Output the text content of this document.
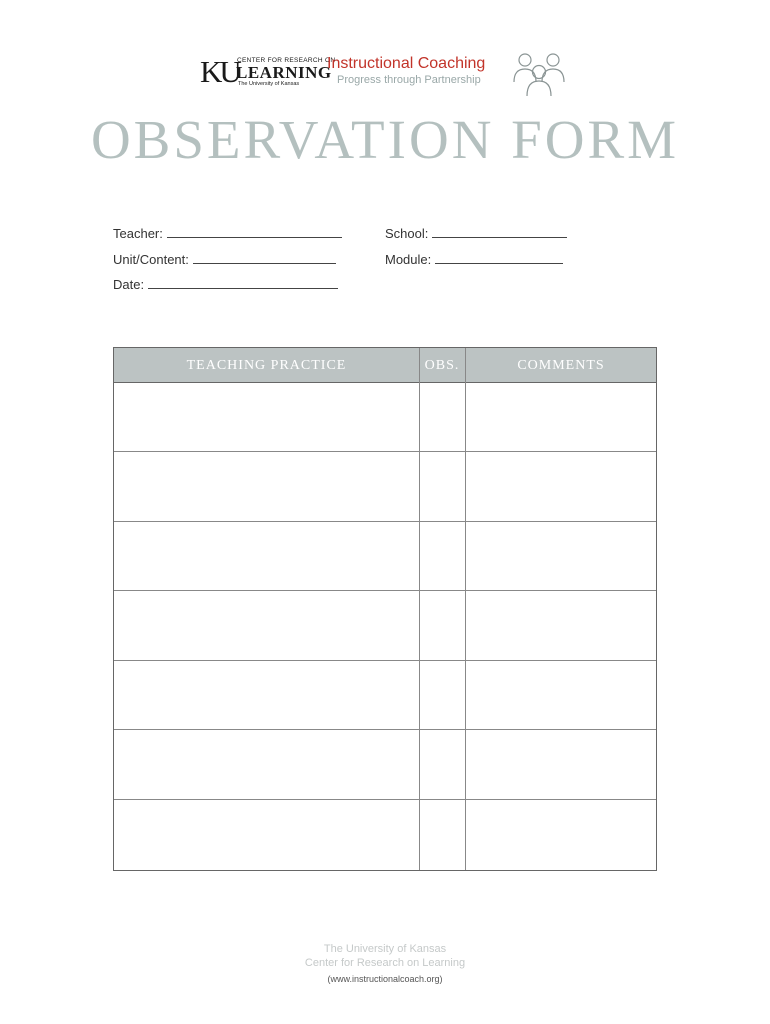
KU
CENTER FOR RESEARCH ON
LEARNING
The University of Kansas
Instructional Coaching
Progress through Partnership
OBSERVATION FORM
Teacher:	School:
Unit/Content:	Module:
Date:
TEACHING PRACTICE	OBS.	COMMENTS
The University of Kansas
Center for Research on Learning
(www.instructionalcoach.org)
